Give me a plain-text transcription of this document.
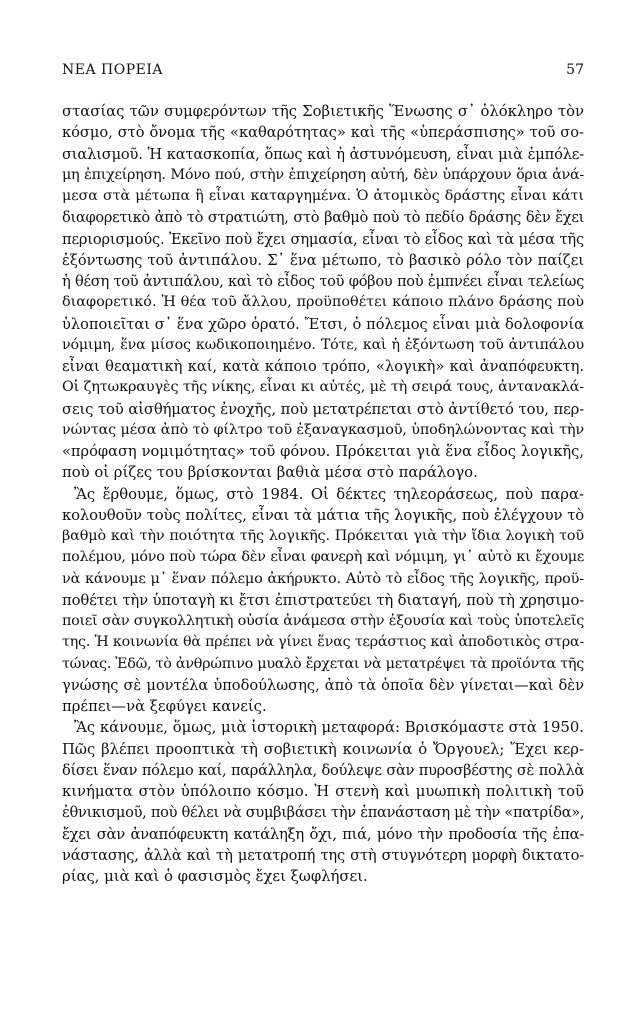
ΝΕΑ ΠΟΡΕΙΑ	57
στασίας τῶν συμφερόντων τῆς Σοβιετικῆς Ἕνωσης σ᾽ ὁλόκληρο τὸν
κόσμο, στὸ ὄνομα τῆς «καθαρότητας» καὶ τῆς «ὑπεράσπισης» τοῦ σο-
σιαλισμοῦ. Ἡ κατασκοπία, ὅπως καὶ ἡ ἀστυνόμευση, εἶναι μιὰ ἐμπόλε-
μη ἐπιχείρηση. Μόνο πού, στὴν ἐπιχείρηση αὐτή, δὲν ὑπάρχουν ὅρια ἀνά-
μεσα στὰ μέτωπα ἢ εἶναι καταργημένα. Ὁ ἀτομικὸς δράστης εἶναι κάτι
διαφορετικὸ ἀπὸ τὸ στρατιώτη, στὸ βαθμὸ ποὺ τὸ πεδίο δράσης δὲν ἔχει
περιορισμούς. Ἐκεῖνο ποὺ ἔχει σημασία, εἶναι τὸ εἶδος καὶ τὰ μέσα τῆς
ἐξόντωσης τοῦ ἀντιπάλου. Σ᾽ ἕνα μέτωπο, τὸ βασικὸ ρόλο τὸν παίζει
ἡ θέση τοῦ ἀντιπάλου, καὶ τὸ εἶδος τοῦ φόβου ποὺ ἐμπνέει εἶναι τελείως
διαφορετικό. Ἡ θέα τοῦ ἄλλου, προϋποθέτει κάποιο πλάνο δράσης ποὺ
ὑλοποιεῖται σ᾽ ἕνα χῶρο ὁρατό. Ἔτσι, ὁ πόλεμος εἶναι μιὰ δολοφονία
νόμιμη, ἕνα μίσος κωδικοποιημένο. Τότε, καὶ ἡ ἐξόντωση τοῦ ἀντιπάλου
εἶναι θεαματικὴ καί, κατὰ κάποιο τρόπο, «λογικὴ» καὶ ἀναπόφευκτη.
Οἱ ζητωκραυγὲς τῆς νίκης, εἶναι κι αὐτές, μὲ τὴ σειρά τους, ἀντανακλά-
σεις τοῦ αἰσθήματος ἐνοχῆς, ποὺ μετατρέπεται στὸ ἀντίθετό του, περ-
νώντας μέσα ἀπὸ τὸ φίλτρο τοῦ ἐξαναγκασμοῦ, ὑποδηλώνοντας καὶ τὴν
«πρόφαση νομιμότητας» τοῦ φόνου. Πρόκειται γιὰ ἕνα εἶδος λογικῆς,
ποὺ οἱ ρίζες του βρίσκονται βαθιὰ μέσα στὸ παράλογο.
Ἂς ἔρθουμε, ὅμως, στὸ 1984. Οἱ δέκτες τηλεοράσεως, ποὺ παρα-
κολουθοῦν τοὺς πολίτες, εἶναι τὰ μάτια τῆς λογικῆς, ποὺ ἐλέγχουν τὸ
βαθμὸ καὶ τὴν ποιότητα τῆς λογικῆς. Πρόκειται γιὰ τὴν ἴδια λογικὴ τοῦ
πολέμου, μόνο ποὺ τώρα δὲν εἶναι φανερὴ καὶ νόμιμη, γι᾽ αὐτὸ κι ἔχουμε
νὰ κάνουμε μ᾽ ἕναν πόλεμο ἀκήρυκτο. Αὐτὸ τὸ εἶδος τῆς λογικῆς, προϋ-
ποθέτει τὴν ὑποταγὴ κι ἔτσι ἐπιστρατεύει τὴ διαταγή, ποὺ τὴ χρησιμο-
ποιεῖ σὰν συγκολλητικὴ οὐσία ἀνάμεσα στὴν ἐξουσία καὶ τοὺς ὑποτελεῖς
της. Ἡ κοινωνία θὰ πρέπει νὰ γίνει ἕνας τεράστιος καὶ ἀποδοτικὸς στρα-
τώνας. Ἐδῶ, τὸ ἀνθρώπινο μυαλὸ ἔρχεται νὰ μετατρέψει τὰ προϊόντα τῆς
γνώσης σὲ μοντέλα ὑποδούλωσης, ἀπὸ τὰ ὁποῖα δὲν γίνεται—καὶ δὲν
πρέπει—νὰ ξεφύγει κανείς.
Ἂς κάνουμε, ὅμως, μιὰ ἱστορικὴ μεταφορά: Βρισκόμαστε στὰ 1950.
Πῶς βλέπει προοπτικὰ τὴ σοβιετικὴ κοινωνία ὁ Ὄργουελ; Ἔχει κερ-
δίσει ἕναν πόλεμο καί, παράλληλα, δούλεψε σὰν πυροσβέστης σὲ πολλὰ
κινήματα στὸν ὑπόλοιπο κόσμο. Ἡ στενὴ καὶ μυωπικὴ πολιτικὴ τοῦ
ἐθνικισμοῦ, ποὺ θέλει νὰ συμβιβάσει τὴν ἐπανάσταση μὲ τὴν «πατρίδα»,
ἔχει σὰν ἀναπόφευκτη κατάληξη ὄχι, πιά, μόνο τὴν προδοσία τῆς ἐπα-
νάστασης, ἀλλὰ καὶ τὴ μετατροπή της στὴ στυγνότερη μορφὴ δικτατο-
ρίας, μιὰ καὶ ὁ φασισμὸς ἔχει ξωφλήσει.
